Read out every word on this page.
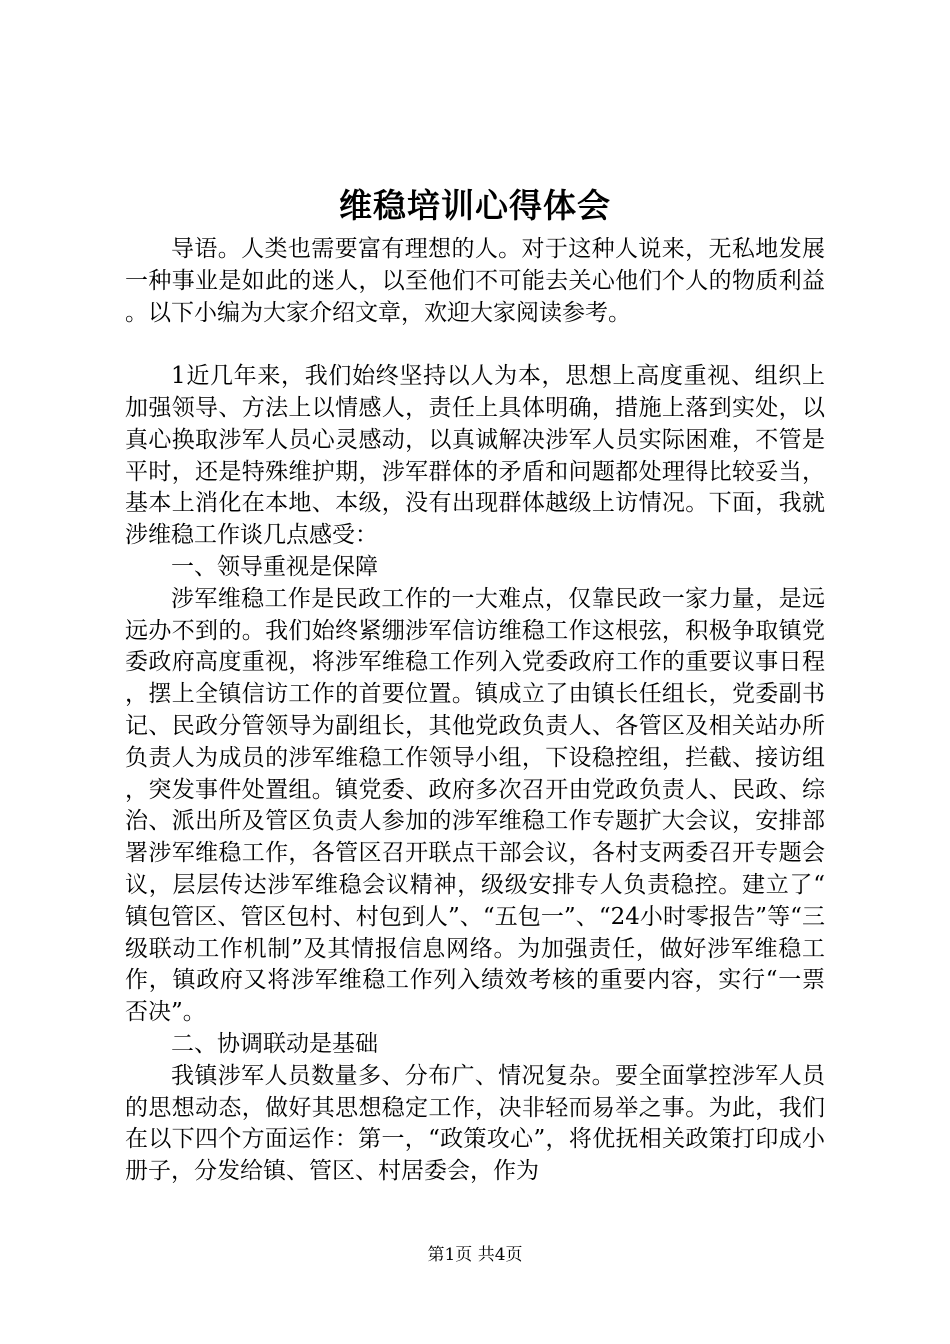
维稳培训心得体会

导语。人类也需要富有理想的人。对于这种人说来，无私地发展一种事业是如此的迷人，以至他们不可能去关心他们个人的物质利益。以下小编为大家介绍文章，欢迎大家阅读参考。

1近几年来，我们始终坚持以人为本，思想上高度重视、组织上加强领导、方法上以情感人，责任上具体明确，措施上落到实处，以真心换取涉军人员心灵感动，以真诚解决涉军人员实际困难，不管是平时，还是特殊维护期，涉军群体的矛盾和问题都处理得比较妥当，基本上消化在本地、本级，没有出现群体越级上访情况。下面，我就涉维稳工作谈几点感受：

一、领导重视是保障

涉军维稳工作是民政工作的一大难点，仅靠民政一家力量，是远远办不到的。我们始终紧绷涉军信访维稳工作这根弦，积极争取镇党委政府高度重视，将涉军维稳工作列入党委政府工作的重要议事日程，摆上全镇信访工作的首要位置。镇成立了由镇长任组长，党委副书记、民政分管领导为副组长，其他党政负责人、各管区及相关站办所负责人为成员的涉军维稳工作领导小组，下设稳控组，拦截、接访组，突发事件处置组。镇党委、政府多次召开由党政负责人、民政、综治、派出所及管区负责人参加的涉军维稳工作专题扩大会议，安排部署涉军维稳工作，各管区召开联点干部会议，各村支两委召开专题会议，层层传达涉军维稳会议精神，级级安排专人负责稳控。建立了“镇包管区、管区包村、村包到人”、“五包一”、“24小时零报告”等“三级联动工作机制”及其情报信息网络。为加强责任，做好涉军维稳工作，镇政府又将涉军维稳工作列入绩效考核的重要内容，实行“一票否决”。

二、协调联动是基础

我镇涉军人员数量多、分布广、情况复杂。要全面掌控涉军人员的思想动态，做好其思想稳定工作，决非轻而易举之事。为此，我们在以下四个方面运作：第一，“政策攻心”，将优抚相关政策打印成小册子，分发给镇、管区、村居委会，作为

第1页 共4页
